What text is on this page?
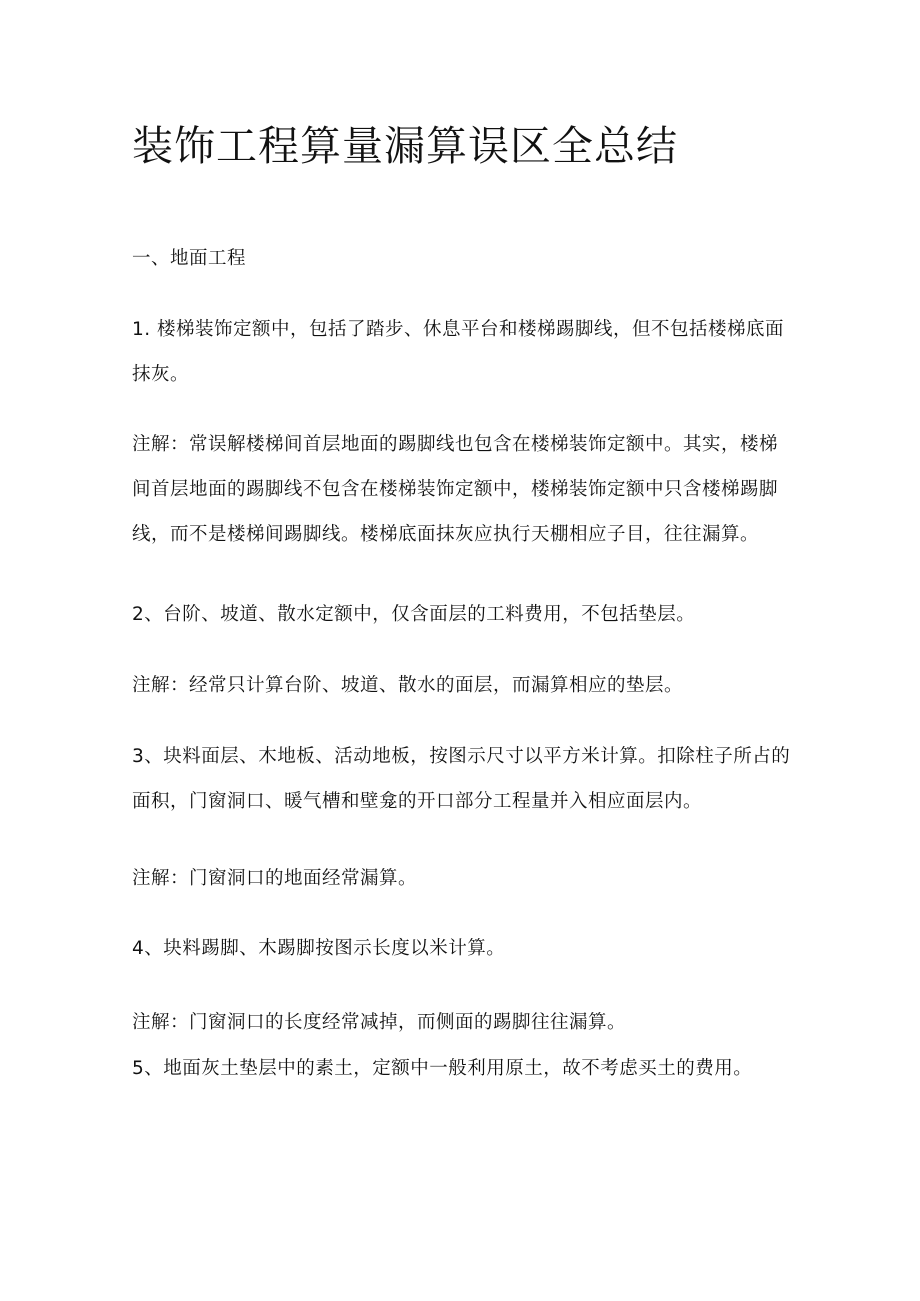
装饰工程算量漏算误区全总结

一、地面工程

1. 楼梯装饰定额中，包括了踏步、休息平台和楼梯踢脚线，但不包括楼梯底面抹灰。

注解：常误解楼梯间首层地面的踢脚线也包含在楼梯装饰定额中。其实，楼梯间首层地面的踢脚线不包含在楼梯装饰定额中，楼梯装饰定额中只含楼梯踢脚线，而不是楼梯间踢脚线。楼梯底面抹灰应执行天棚相应子目，往往漏算。

2、台阶、坡道、散水定额中，仅含面层的工料费用，不包括垫层。

注解：经常只计算台阶、坡道、散水的面层，而漏算相应的垫层。

3、块料面层、木地板、活动地板，按图示尺寸以平方米计算。扣除柱子所占的面积，门窗洞口、暖气槽和壁龛的开口部分工程量并入相应面层内。

注解：门窗洞口的地面经常漏算。

4、块料踢脚、木踢脚按图示长度以米计算。

注解：门窗洞口的长度经常减掉，而侧面的踢脚往往漏算。

5、地面灰土垫层中的素土，定额中一般利用原土，故不考虑买土的费用。
